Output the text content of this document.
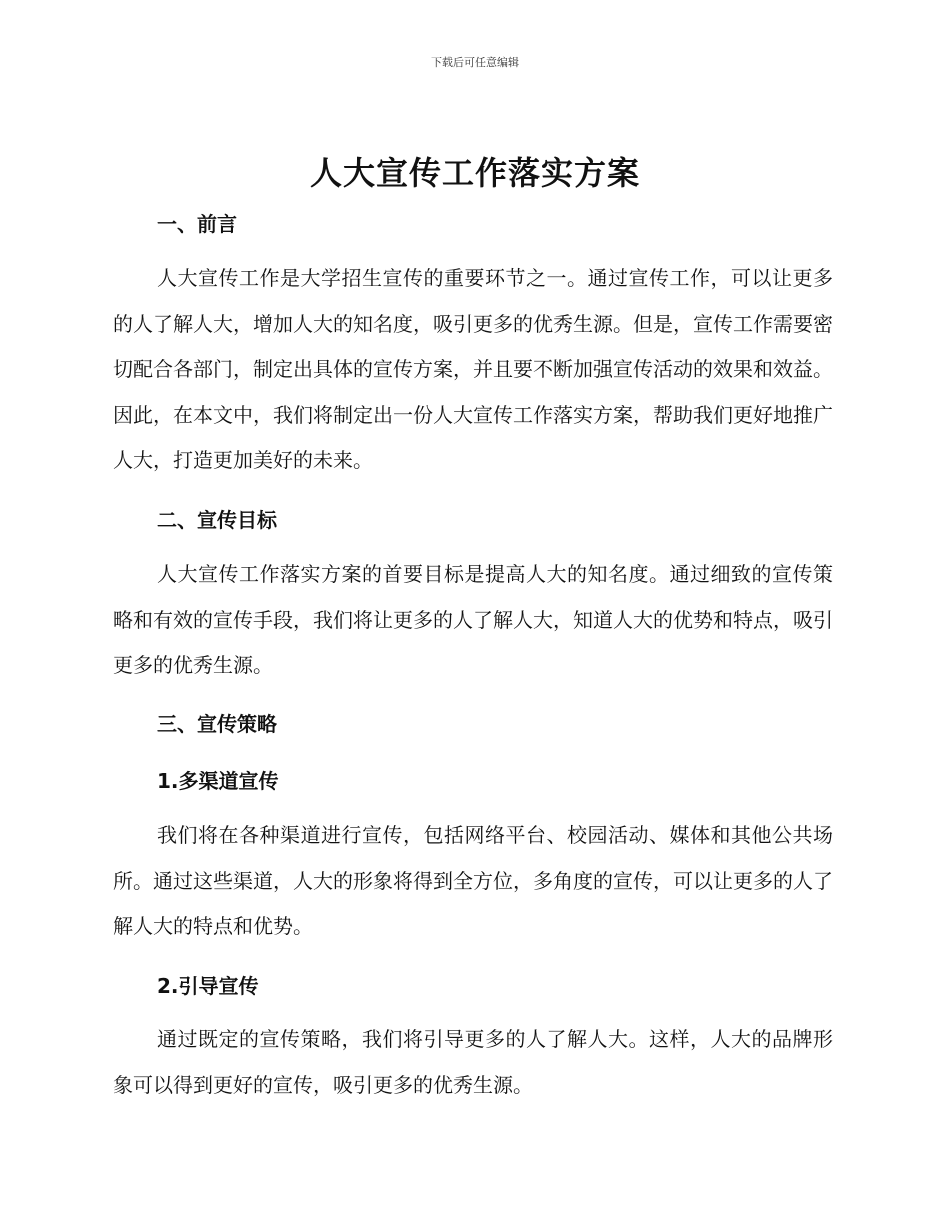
下载后可任意编辑
人大宣传工作落实方案
一、前言
人大宣传工作是大学招生宣传的重要环节之一。通过宣传工作，可以让更多的人了解人大，增加人大的知名度，吸引更多的优秀生源。但是，宣传工作需要密切配合各部门，制定出具体的宣传方案，并且要不断加强宣传活动的效果和效益。因此，在本文中，我们将制定出一份人大宣传工作落实方案，帮助我们更好地推广人大，打造更加美好的未来。
二、宣传目标
人大宣传工作落实方案的首要目标是提高人大的知名度。通过细致的宣传策略和有效的宣传手段，我们将让更多的人了解人大，知道人大的优势和特点，吸引更多的优秀生源。
三、宣传策略
1.多渠道宣传
我们将在各种渠道进行宣传，包括网络平台、校园活动、媒体和其他公共场所。通过这些渠道，人大的形象将得到全方位，多角度的宣传，可以让更多的人了解人大的特点和优势。
2.引导宣传
通过既定的宣传策略，我们将引导更多的人了解人大。这样，人大的品牌形象可以得到更好的宣传，吸引更多的优秀生源。
